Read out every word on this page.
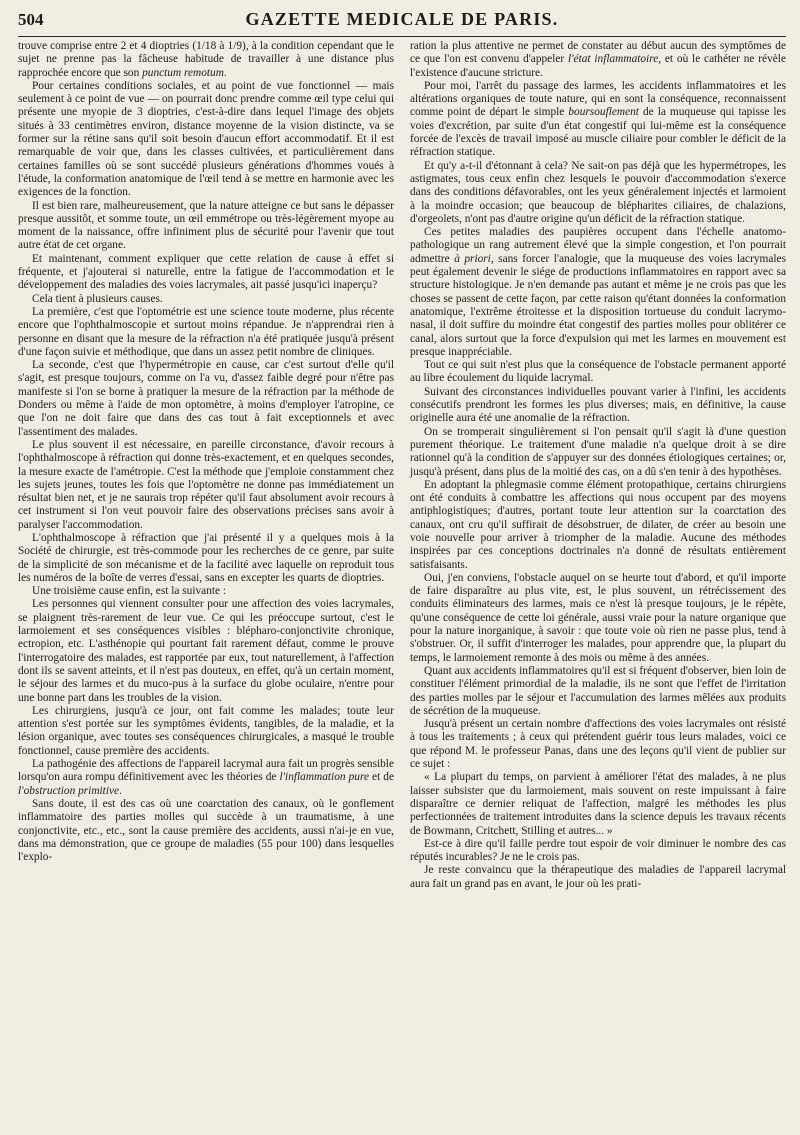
504	GAZETTE MEDICALE DE PARIS.

trouve comprise entre 2 et 4 dioptries (1/18 à 1/9), à la condition cependant que le sujet ne prenne pas la fâcheuse habitude de travailler à une distance plus rapprochée encore que son punctum remotum.

Pour certaines conditions sociales, et au point de vue fonctionnel — mais seulement à ce point de vue — on pourrait donc prendre comme œil type celui qui présente une myopie de 3 dioptries, c'est-à-dire dans lequel l'image des objets situés à 33 centimètres environ, distance moyenne de la vision distincte, va se former sur la rétine sans qu'il soit besoin d'aucun effort accommodatif. Et il est remarquable de voir que, dans les classes cultivées, et particulièrement dans certaines familles où se sont succédé plusieurs générations d'hommes voués à l'étude, la conformation anatomique de l'œil tend à se mettre en harmonie avec les exigences de la fonction.

Il est bien rare, malheureusement, que la nature atteigne ce but sans le dépasser presque aussitôt, et somme toute, un œil emmétrope ou très-légèrement myope au moment de la naissance, offre infiniment plus de sécurité pour l'avenir que tout autre état de cet organe.

Et maintenant, comment expliquer que cette relation de cause à effet si fréquente, et j'ajouterai si naturelle, entre la fatigue de l'accommodation et le développement des maladies des voies lacrymales, ait passé jusqu'ici inaperçu?

Cela tient à plusieurs causes.

La première, c'est que l'optométrie est une science toute moderne, plus récente encore que l'ophthalmoscopie et surtout moins répandue. Je n'apprendrai rien à personne en disant que la mesure de la réfraction n'a été pratiquée jusqu'à présent d'une façon suivie et méthodique, que dans un assez petit nombre de cliniques.

La seconde, c'est que l'hypermétropie en cause, car c'est surtout d'elle qu'il s'agit, est presque toujours, comme on l'a vu, d'assez faible degré pour n'être pas manifeste si l'on se borne à pratiquer la mesure de la réfraction par la méthode de Donders ou même à l'aide de mon optomètre, à moins d'employer l'atropine, ce que l'on ne doit faire que dans des cas tout à fait exceptionnels et avec l'assentiment des malades.

Le plus souvent il est nécessaire, en pareille circonstance, d'avoir recours à l'ophthalmoscope à réfraction qui donne très-exactement, et en quelques secondes, la mesure exacte de l'amétropie. C'est la méthode que j'emploie constamment chez les sujets jeunes, toutes les fois que l'optomètre ne donne pas immédiatement un résultat bien net, et je ne saurais trop répéter qu'il faut absolument avoir recours à cet instrument si l'on veut pouvoir faire des observations précises sans avoir à paralyser l'accommodation.

L'ophthalmoscope à réfraction que j'ai présenté il y a quelques mois à la Société de chirurgie, est très-commode pour les recherches de ce genre, par suite de la simplicité de son mécanisme et de la facilité avec laquelle on reproduit tous les numéros de la boîte de verres d'essai, sans en excepter les quarts de dioptries.

Une troisième cause enfin, est la suivante :

Les personnes qui viennent consulter pour une affection des voies lacrymales, se plaignent très-rarement de leur vue. Ce qui les préoccupe surtout, c'est le larmoiement et ses conséquences visibles : blépharo-conjonctivite chronique, ectropion, etc. L'asthénopie qui pourtant fait rarement défaut, comme le prouve l'interrogatoire des malades, est rapportée par eux, tout naturellement, à l'affection dont ils se savent atteints, et il n'est pas douteux, en effet, qu'à un certain moment, le séjour des larmes et du muco-pus à la surface du globe oculaire, n'entre pour une bonne part dans les troubles de la vision.

Les chirurgiens, jusqu'à ce jour, ont fait comme les malades; toute leur attention s'est portée sur les symptômes évidents, tangibles, de la maladie, et la lésion organique, avec toutes ses conséquences chirurgicales, a masqué le trouble fonctionnel, cause première des accidents.

La pathogénie des affections de l'appareil lacrymal aura fait un progrès sensible lorsqu'on aura rompu définitivement avec les théories de l'inflammation pure et de l'obstruction primitive.

Sans doute, il est des cas où une coarctation des canaux, où le gonflement inflammatoire des parties molles qui succède à un traumatisme, à une conjonctivite, etc., etc., sont la cause première des accidents, aussi n'ai-je en vue, dans ma démonstration, que ce groupe de maladies (55 pour 100) dans lesquelles l'explo-

ration la plus attentive ne permet de constater au début aucun des symptômes de ce que l'on est convenu d'appeler l'état inflammatoire, et où le cathéter ne révèle l'existence d'aucune stricture.

Pour moi, l'arrêt du passage des larmes, les accidents inflammatoires et les altérations organiques de toute nature, qui en sont la conséquence, reconnaissent comme point de départ le simple boursouflement de la muqueuse qui tapisse les voies d'excrétion, par suite d'un état congestif qui lui-même est la conséquence forcée de l'excès de travail imposé au muscle ciliaire pour combler le déficit de la réfraction statique.

Et qu'y a-t-il d'étonnant à cela? Ne sait-on pas déjà que les hypermétropes, les astigmates, tous ceux enfin chez lesquels le pouvoir d'accommodation s'exerce dans des conditions défavorables, ont les yeux généralement injectés et larmoient à la moindre occasion; que beaucoup de blépharites ciliaires, de chalazions, d'orgeolets, n'ont pas d'autre origine qu'un déficit de la réfraction statique.

Ces petites maladies des paupières occupent dans l'échelle anatomo-pathologique un rang autrement élevé que la simple congestion, et l'on pourrait admettre à priori, sans forcer l'analogie, que la muqueuse des voies lacrymales peut également devenir le siége de productions inflammatoires en rapport avec sa structure histologique. Je n'en demande pas autant et même je ne crois pas que les choses se passent de cette façon, par cette raison qu'étant données la conformation anatomique, l'extrême étroitesse et la disposition tortueuse du conduit lacrymo-nasal, il doit suffire du moindre état congestif des parties molles pour oblitérer ce canal, alors surtout que la force d'expulsion qui met les larmes en mouvement est presque inappréciable.

Tout ce qui suit n'est plus que la conséquence de l'obstacle permanent apporté au libre écoulement du liquide lacrymal.

Suivant des circonstances individuelles pouvant varier à l'infini, les accidents consécutifs prendront les formes les plus diverses; mais, en définitive, la cause originelle aura été une anomalie de la réfraction.

On se tromperait singulièrement si l'on pensait qu'il s'agit là d'une question purement théorique. Le traitement d'une maladie n'a quelque droit à se dire rationnel qu'à la condition de s'appuyer sur des données étiologiques certaines; or, jusqu'à présent, dans plus de la moitié des cas, on a dû s'en tenir à des hypothèses.

En adoptant la phlegmasie comme élément protopathique, certains chirurgiens ont été conduits à combattre les affections qui nous occupent par des moyens antiphlogistiques; d'autres, portant toute leur attention sur la coarctation des canaux, ont cru qu'il suffirait de désobstruer, de dilater, de créer au besoin une voie nouvelle pour arriver à triompher de la maladie. Aucune des méthodes inspirées par ces conceptions doctrinales n'a donné de résultats entièrement satisfaisants.

Oui, j'en conviens, l'obstacle auquel on se heurte tout d'abord, et qu'il importe de faire disparaître au plus vite, est, le plus souvent, un rétrécissement des conduits éliminateurs des larmes, mais ce n'est là presque toujours, je le répète, qu'une conséquence de cette loi générale, aussi vraie pour la nature organique que pour la nature inorganique, à savoir : que toute voie où rien ne passe plus, tend à s'obstruer. Or, il suffit d'interroger les malades, pour apprendre que, la plupart du temps, le larmoiement remonte à des mois ou même à des années.

Quant aux accidents inflammatoires qu'il est si fréquent d'observer, bien loin de constituer l'élément primordial de la maladie, ils ne sont que l'effet de l'irritation des parties molles par le séjour et l'accumulation des larmes mêlées aux produits de sécrétion de la muqueuse.

Jusqu'à présent un certain nombre d'affections des voies lacrymales ont résisté à tous les traitements ; à ceux qui prétendent guérir tous leurs malades, voici ce que répond M. le professeur Panas, dans une des leçons qu'il vient de publier sur ce sujet :

« La plupart du temps, on parvient à améliorer l'état des malades, à ne plus laisser subsister que du larmoiement, mais souvent on reste impuissant à faire disparaître ce dernier reliquat de l'affection, malgré les méthodes les plus perfectionnées de traitement introduites dans la science depuis les travaux récents de Bowmann, Critchett, Stilling et autres... »

Est-ce à dire qu'il faille perdre tout espoir de voir diminuer le nombre des cas réputés incurables? Je ne le crois pas.

Je reste convaincu que la thérapeutique des maladies de l'appareil lacrymal aura fait un grand pas en avant, le jour où les prati-
